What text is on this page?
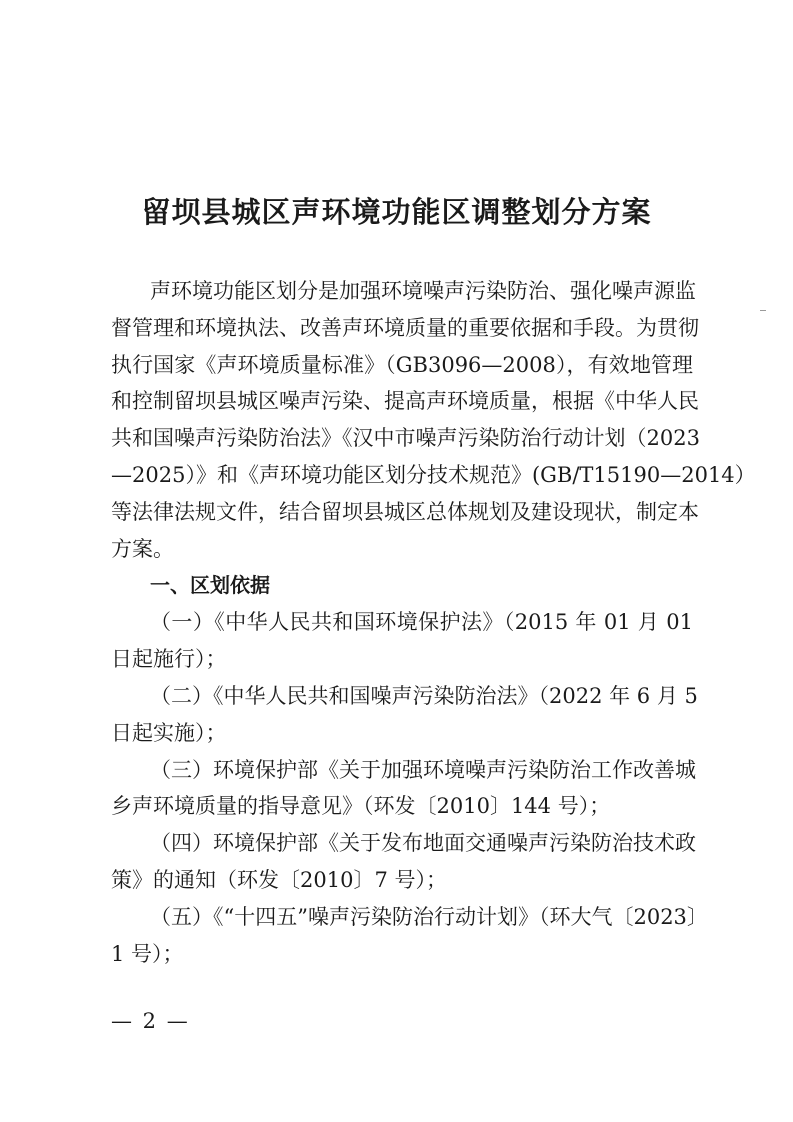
留坝县城区声环境功能区调整划分方案
声环境功能区划分是加强环境噪声污染防治、强化噪声源监
督管理和环境执法、改善声环境质量的重要依据和手段。为贯彻
执行国家《声环境质量标准》（GB3096—2008），有效地管理
和控制留坝县城区噪声污染、提高声环境质量，根据《中华人民
共和国噪声污染防治法》《汉中市噪声污染防治行动计划（2023
—2025）》和《声环境功能区划分技术规范》(GB/T15190—2014）
等法律法规文件，结合留坝县城区总体规划及建设现状，制定本
方案。
一、区划依据
（一）《中华人民共和国环境保护法》（2015 年 01 月 01
日起施行）；
（二）《中华人民共和国噪声污染防治法》（2022 年 6 月 5
日起实施）；
（三）环境保护部《关于加强环境噪声污染防治工作改善城
乡声环境质量的指导意见》（环发〔2010〕144 号）；
（四）环境保护部《关于发布地面交通噪声污染防治技术政
策》的通知（环发〔2010〕7 号）；
（五）《“十四五”噪声污染防治行动计划》（环大气〔2023〕
1 号）；
— 2 —
